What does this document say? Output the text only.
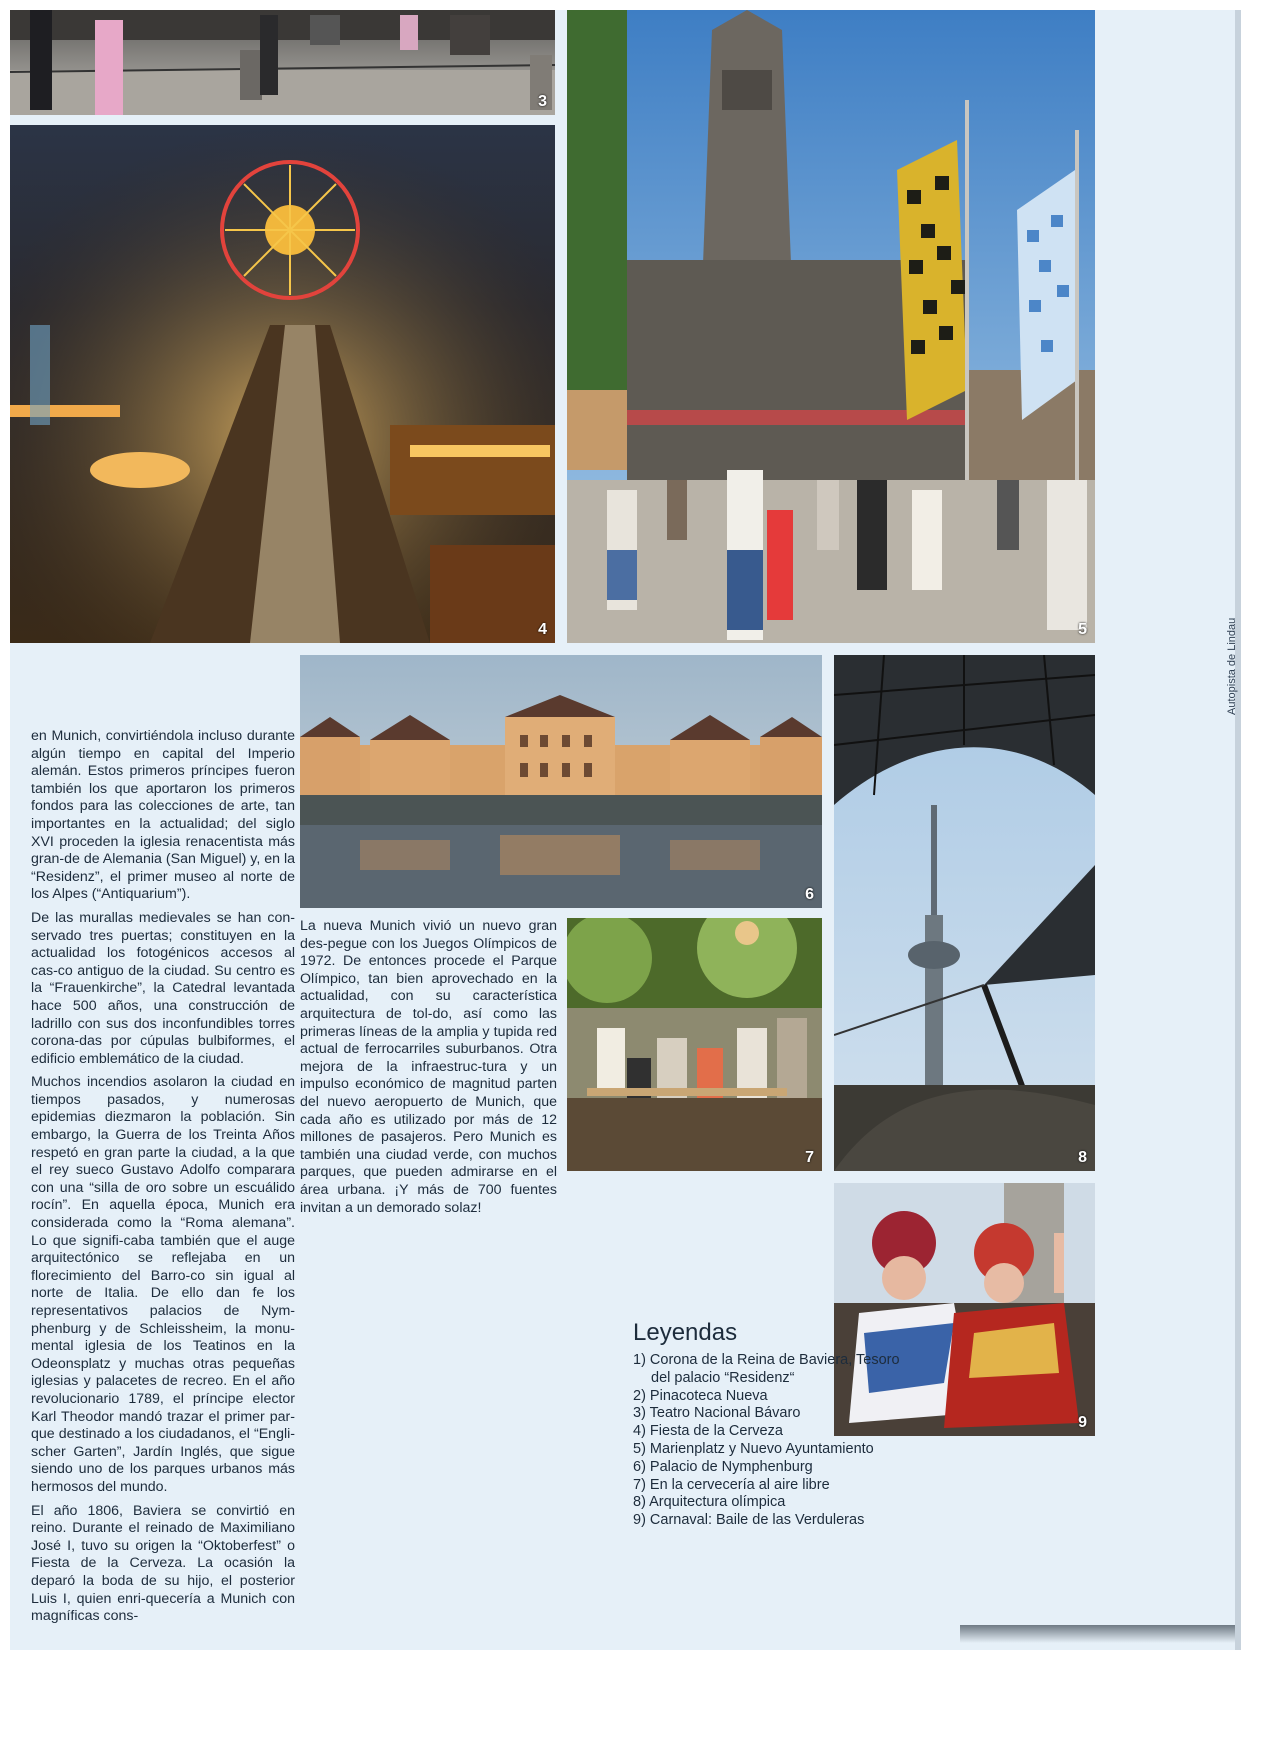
3
4	5
6
7	8
9
Autopista de Lindau

en Munich, convirtiéndola incluso durante algún tiempo en capital del Imperio alemán. Estos primeros príncipes fueron también los que aportaron los primeros fondos para las colecciones de arte, tan importantes en la actualidad; del siglo XVI proceden la iglesia renacentista más gran-de de Alemania (San Miguel) y, en la “Residenz”, el primer museo al norte de los Alpes (“Antiquarium”).

De las murallas medievales se han con-servado tres puertas; constituyen en la actualidad los fotogénicos accesos al cas-co antiguo de la ciudad. Su centro es la “Frauenkirche”, la Catedral levantada hace 500 años, una construcción de ladrillo con sus dos inconfundibles torres corona-das por cúpulas bulbiformes, el edificio emblemático de la ciudad.

Muchos incendios asolaron la ciudad en tiempos pasados, y numerosas epidemias diezmaron la población. Sin embargo, la Guerra de los Treinta Años respetó en gran parte la ciudad, a la que el rey sueco Gustavo Adolfo comparara con una “silla de oro sobre un escuálido rocín”. En aquella época, Munich era considerada como la “Roma alemana”. Lo que signifi-caba también que el auge arquitectónico se reflejaba en un florecimiento del Barro-co sin igual al norte de Italia. De ello dan fe los representativos palacios de Nym-phenburg y de Schleissheim, la monu-mental iglesia de los Teatinos en la Odeonsplatz y muchas otras pequeñas iglesias y palacetes de recreo. En el año revolucionario 1789, el príncipe elector Karl Theodor mandó trazar el primer par-que destinado a los ciudadanos, el “Engli-scher Garten”, Jardín Inglés, que sigue siendo uno de los parques urbanos más hermosos del mundo.

El año 1806, Baviera se convirtió en reino. Durante el reinado de Maximiliano José I, tuvo su origen la “Oktoberfest” o Fiesta de la Cerveza. La ocasión la deparó la boda de su hijo, el posterior Luis I, quien enri-quecería a Munich con magníficas cons-

La nueva Munich vivió un nuevo gran des-pegue con los Juegos Olímpicos de 1972. De entonces procede el Parque Olímpico, tan bien aprovechado en la actualidad, con su característica arquitectura de tol-do, así como las primeras líneas de la amplia y tupida red actual de ferrocarriles suburbanos. Otra mejora de la infraestruc-tura y un impulso económico de magnitud parten del nuevo aeropuerto de Munich, que cada año es utilizado por más de 12 millones de pasajeros. Pero Munich es también una ciudad verde, con muchos parques, que pueden admirarse en el área urbana. ¡Y más de 700 fuentes invitan a un demorado solaz!

Leyendas
1) Corona de la Reina de Baviera, Tesoro
del palacio “Residenz“
2) Pinacoteca Nueva
3) Teatro Nacional Bávaro
4) Fiesta de la Cerveza
5) Marienplatz y Nuevo Ayuntamiento
6) Palacio de Nymphenburg
7) En la cervecería al aire libre
8) Arquitectura olímpica
9) Carnaval: Baile de las Verduleras
